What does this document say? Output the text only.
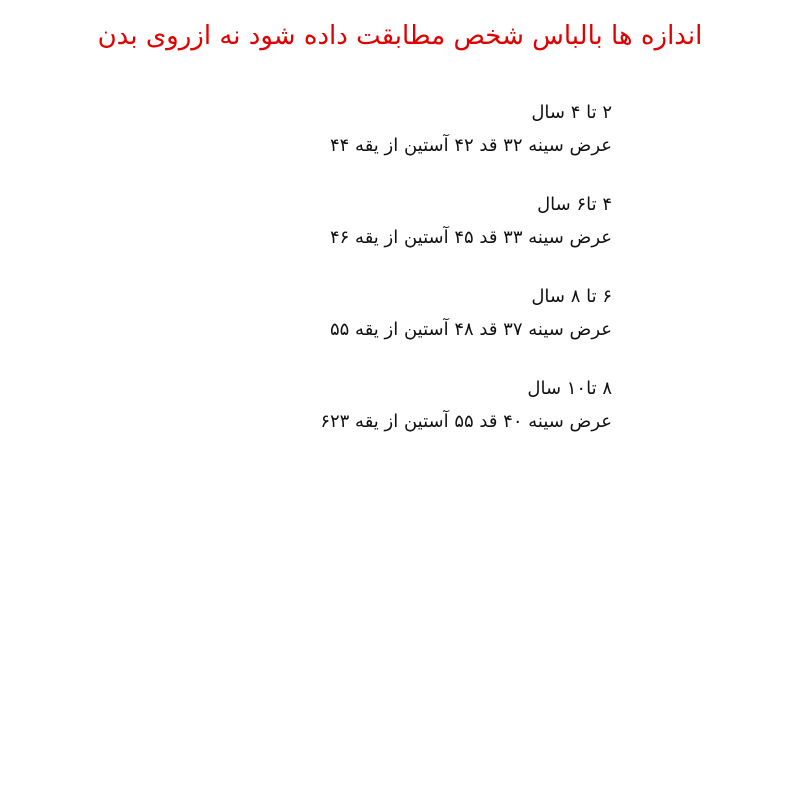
اندازه ها بالباس شخص مطابقت داده شود نه ازروی بدن
۲ تا ۴ سال
عرض سینه ۳۲ قد ۴۲ آستین از یقه ۴۴
۴ تا۶ سال
عرض سینه ۳۳ قد ۴۵ آستین از یقه ۴۶
۶ تا ۸ سال
عرض سینه ۳۷ قد ۴۸ آستین از یقه ۵۵
۸ تا۱۰ سال
عرض سینه ۴۰ قد ۵۵ آستین از یقه ۶۲۳
